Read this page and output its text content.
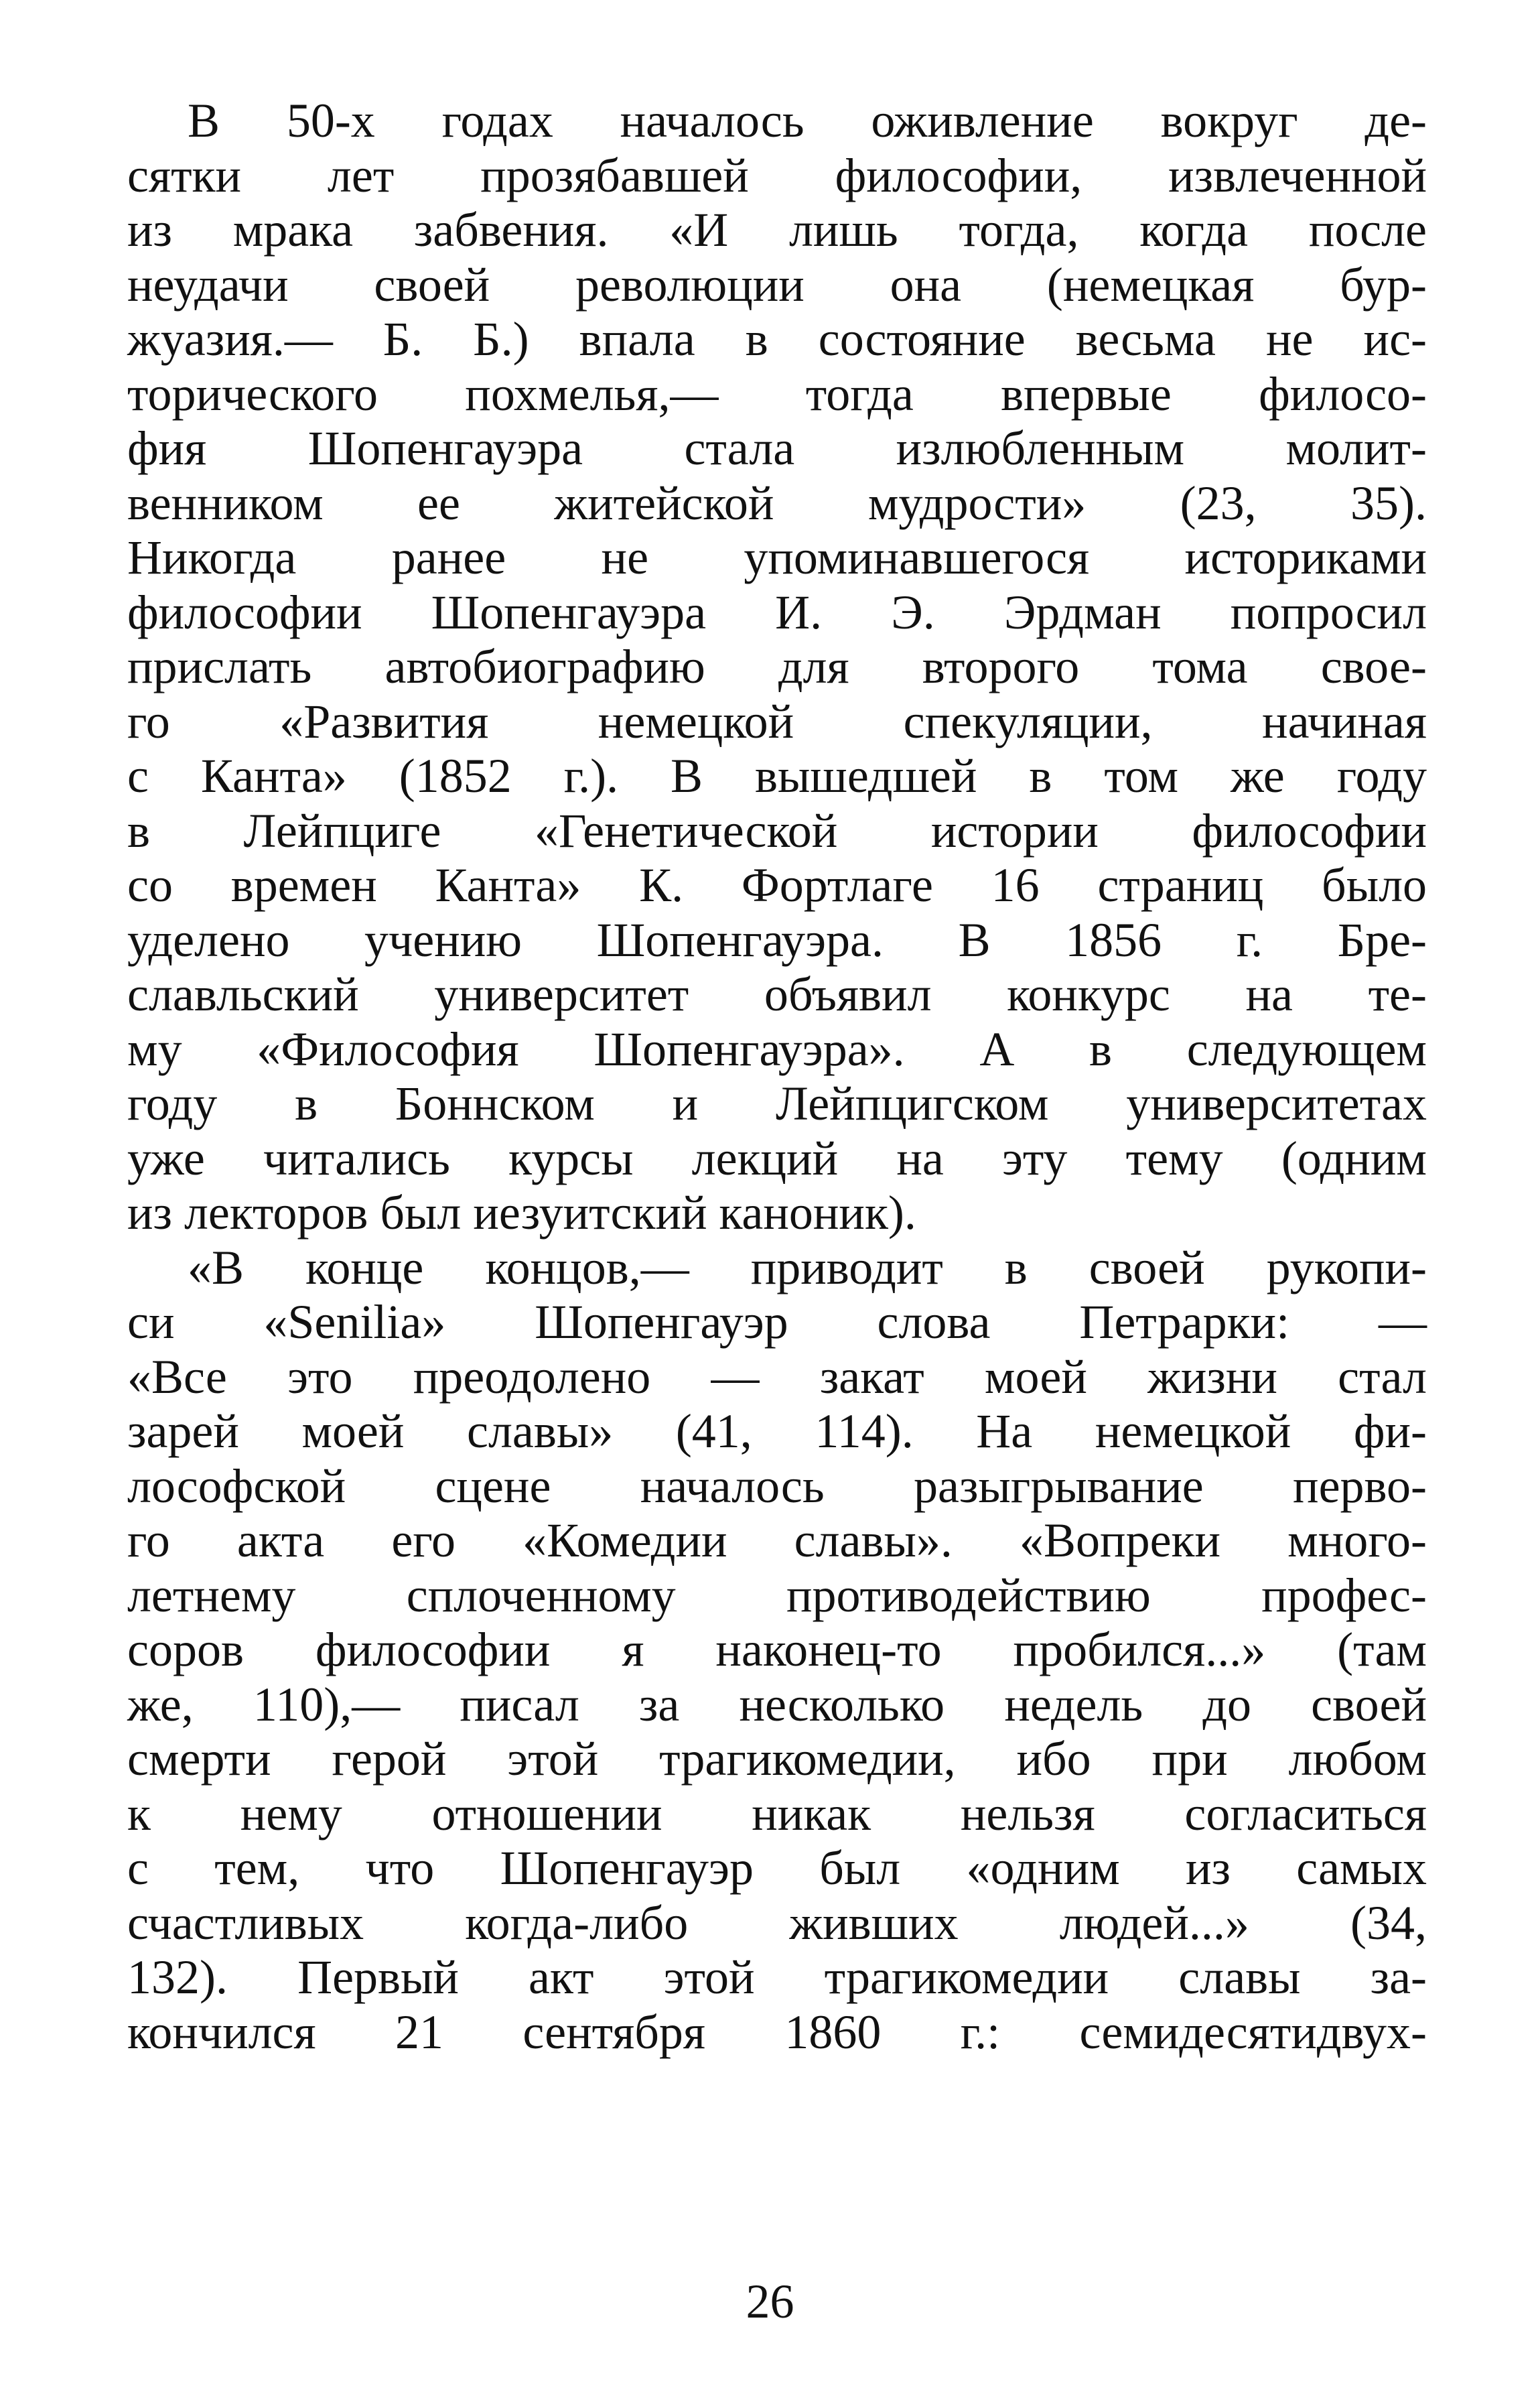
В 50-х годах началось оживление вокруг де-
сятки лет прозябавшей философии, извлеченной
из мрака забвения. «И лишь тогда, когда после
неудачи своей революции она (немецкая бур-
жуазия.— Б. Б.) впала в состояние весьма не ис-
торического похмелья,— тогда впервые филосо-
фия Шопенгауэра стала излюбленным молит-
венником ее житейской мудрости» (23, 35).
Никогда ранее не упоминавшегося историками
философии Шопенгауэра И. Э. Эрдман попросил
прислать автобиографию для второго тома свое-
го «Развития немецкой спекуляции, начиная
с Канта» (1852 г.). В вышедшей в том же году
в Лейпциге «Генетической истории философии
со времен Канта» К. Фортлаге 16 страниц было
уделено учению Шопенгауэра. В 1856 г. Бре-
славльский университет объявил конкурс на те-
му «Философия Шопенгауэра». А в следующем
году в Боннском и Лейпцигском университетах
уже читались курсы лекций на эту тему (одним
из лекторов был иезуитский каноник).
«В конце концов,— приводит в своей рукопи-
си «Senilia» Шопенгауэр слова Петрарки: —
«Все это преодолено — закат моей жизни стал
зарей моей славы» (41, 114). На немецкой фи-
лософской сцене началось разыгрывание перво-
го акта его «Комедии славы». «Вопреки много-
летнему сплоченному противодействию профес-
соров философии я наконец-то пробился...» (там
же, 110),— писал за несколько недель до своей
смерти герой этой трагикомедии, ибо при любом
к нему отношении никак нельзя согласиться
с тем, что Шопенгауэр был «одним из самых
счастливых когда-либо живших людей...» (34,
132). Первый акт этой трагикомедии славы за-
кончился 21 сентября 1860 г.: семидесятидвух-
26
